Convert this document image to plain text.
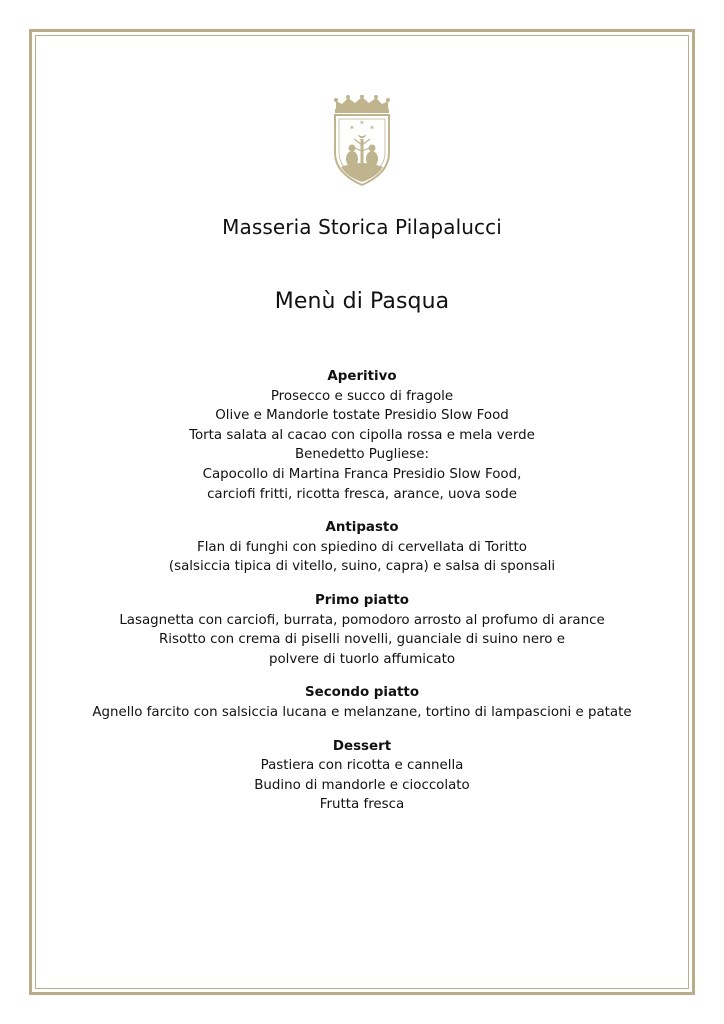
✶
✶
✶
Masseria Storica Pilapalucci
Menù di Pasqua
Aperitivo
Prosecco e succo di fragole
Olive e Mandorle tostate Presidio Slow Food
Torta salata al cacao con cipolla rossa e mela verde
Benedetto Pugliese:
Capocollo di Martina Franca Presidio Slow Food,
carciofi fritti, ricotta fresca, arance, uova sode
Antipasto
Flan di funghi con spiedino di cervellata di Toritto
(salsiccia tipica di vitello, suino, capra) e salsa di sponsali
Primo piatto
Lasagnetta con carciofi, burrata, pomodoro arrosto al profumo di arance
Risotto con crema di piselli novelli, guanciale di suino nero e
polvere di tuorlo affumicato
Secondo piatto
Agnello farcito con salsiccia lucana e melanzane, tortino di lampascioni e patate
Dessert
Pastiera con ricotta e cannella
Budino di mandorle e cioccolato
Frutta fresca
